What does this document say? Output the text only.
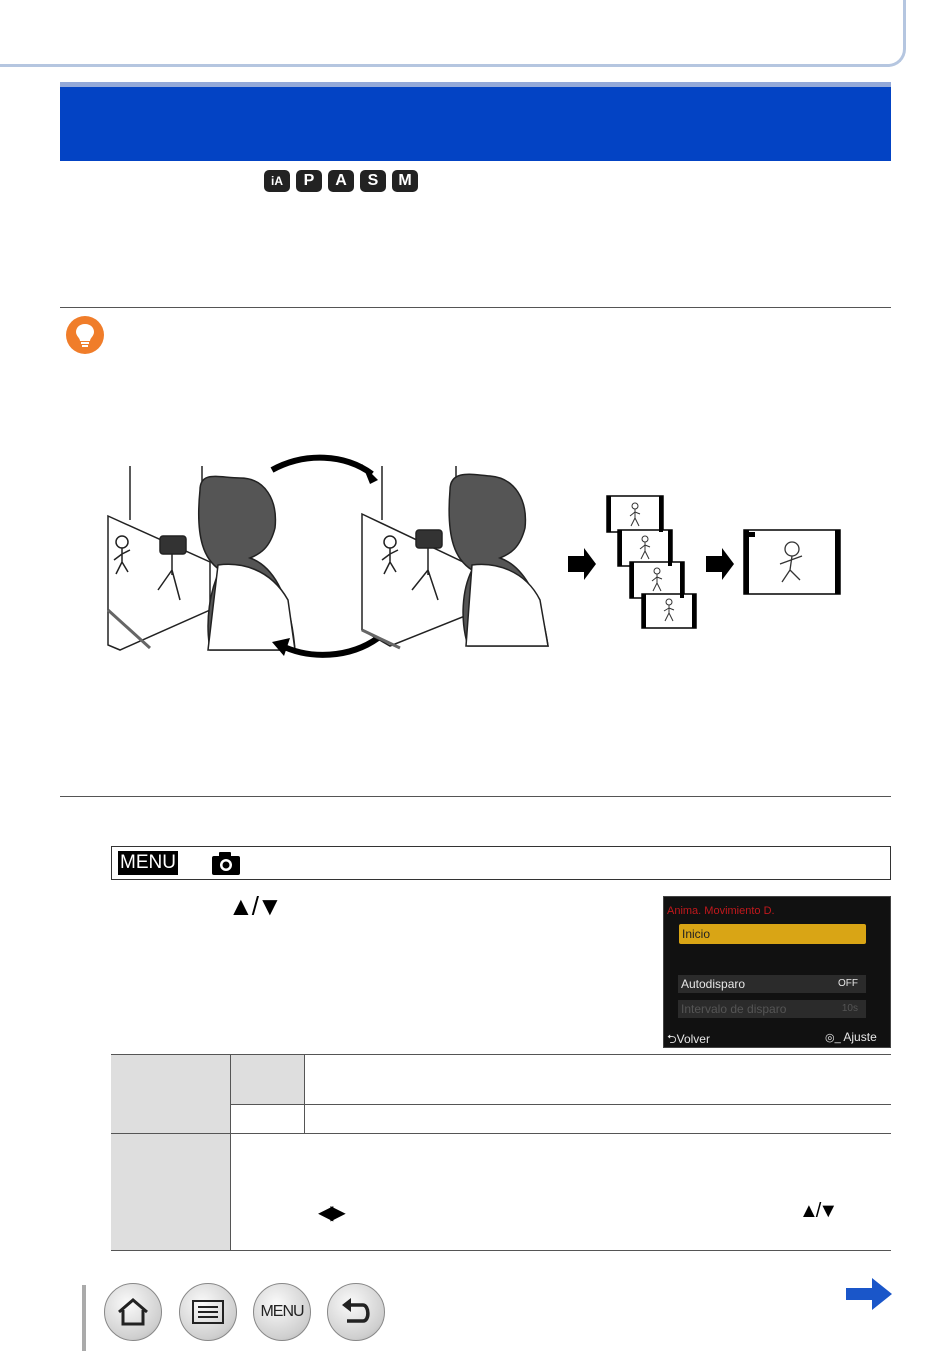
iA	P	A	S	M
MENU
▲/▼	Anima. Movimiento D.
Inicio
Autodisparo	OFF
Intervalo de disparo	10s
⮌Volver	◎_ Ajuste
◀▶	▲/▼
MENU
